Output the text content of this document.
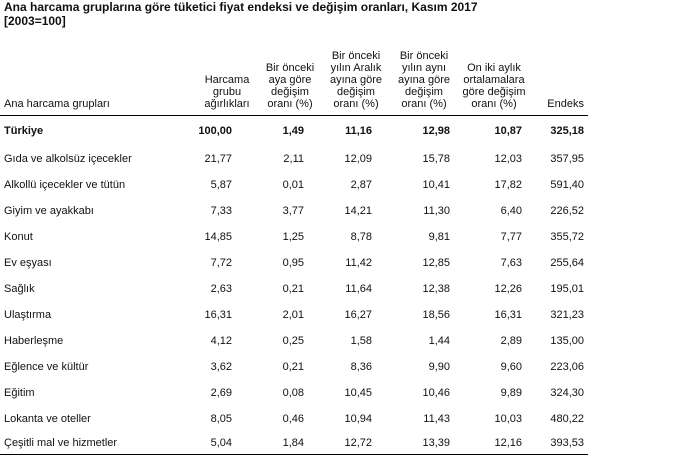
Ana harcama gruplarına göre tüketici fiyat endeksi ve değişim oranları, Kasım 2017
[2003=100]
Ana harcama grupları	Harcama grubu ağırlıkları	Bir önceki aya göre değişim oranı (%)	Bir önceki yılın Aralık ayına göre değişim oranı (%)	Bir önceki yılın aynı ayına göre değişim oranı (%)	On iki aylık ortalamalara göre değişim oranı (%)	Endeks
Türkiye	100,00	1,49	11,16	12,98	10,87	325,18
Gıda ve alkolsüz içecekler	21,77	2,11	12,09	15,78	12,03	357,95
Alkollü içecekler ve tütün	5,87	0,01	2,87	10,41	17,82	591,40
Giyim ve ayakkabı	7,33	3,77	14,21	11,30	6,40	226,52
Konut	14,85	1,25	8,78	9,81	7,77	355,72
Ev eşyası	7,72	0,95	11,42	12,85	7,63	255,64
Sağlık	2,63	0,21	11,64	12,38	12,26	195,01
Ulaştırma	16,31	2,01	16,27	18,56	16,31	321,23
Haberleşme	4,12	0,25	1,58	1,44	2,89	135,00
Eğlence ve kültür	3,62	0,21	8,36	9,90	9,60	223,06
Eğitim	2,69	0,08	10,45	10,46	9,89	324,30
Lokanta ve oteller	8,05	0,46	10,94	11,43	10,03	480,22
Çeşitli mal ve hizmetler	5,04	1,84	12,72	13,39	12,16	393,53
